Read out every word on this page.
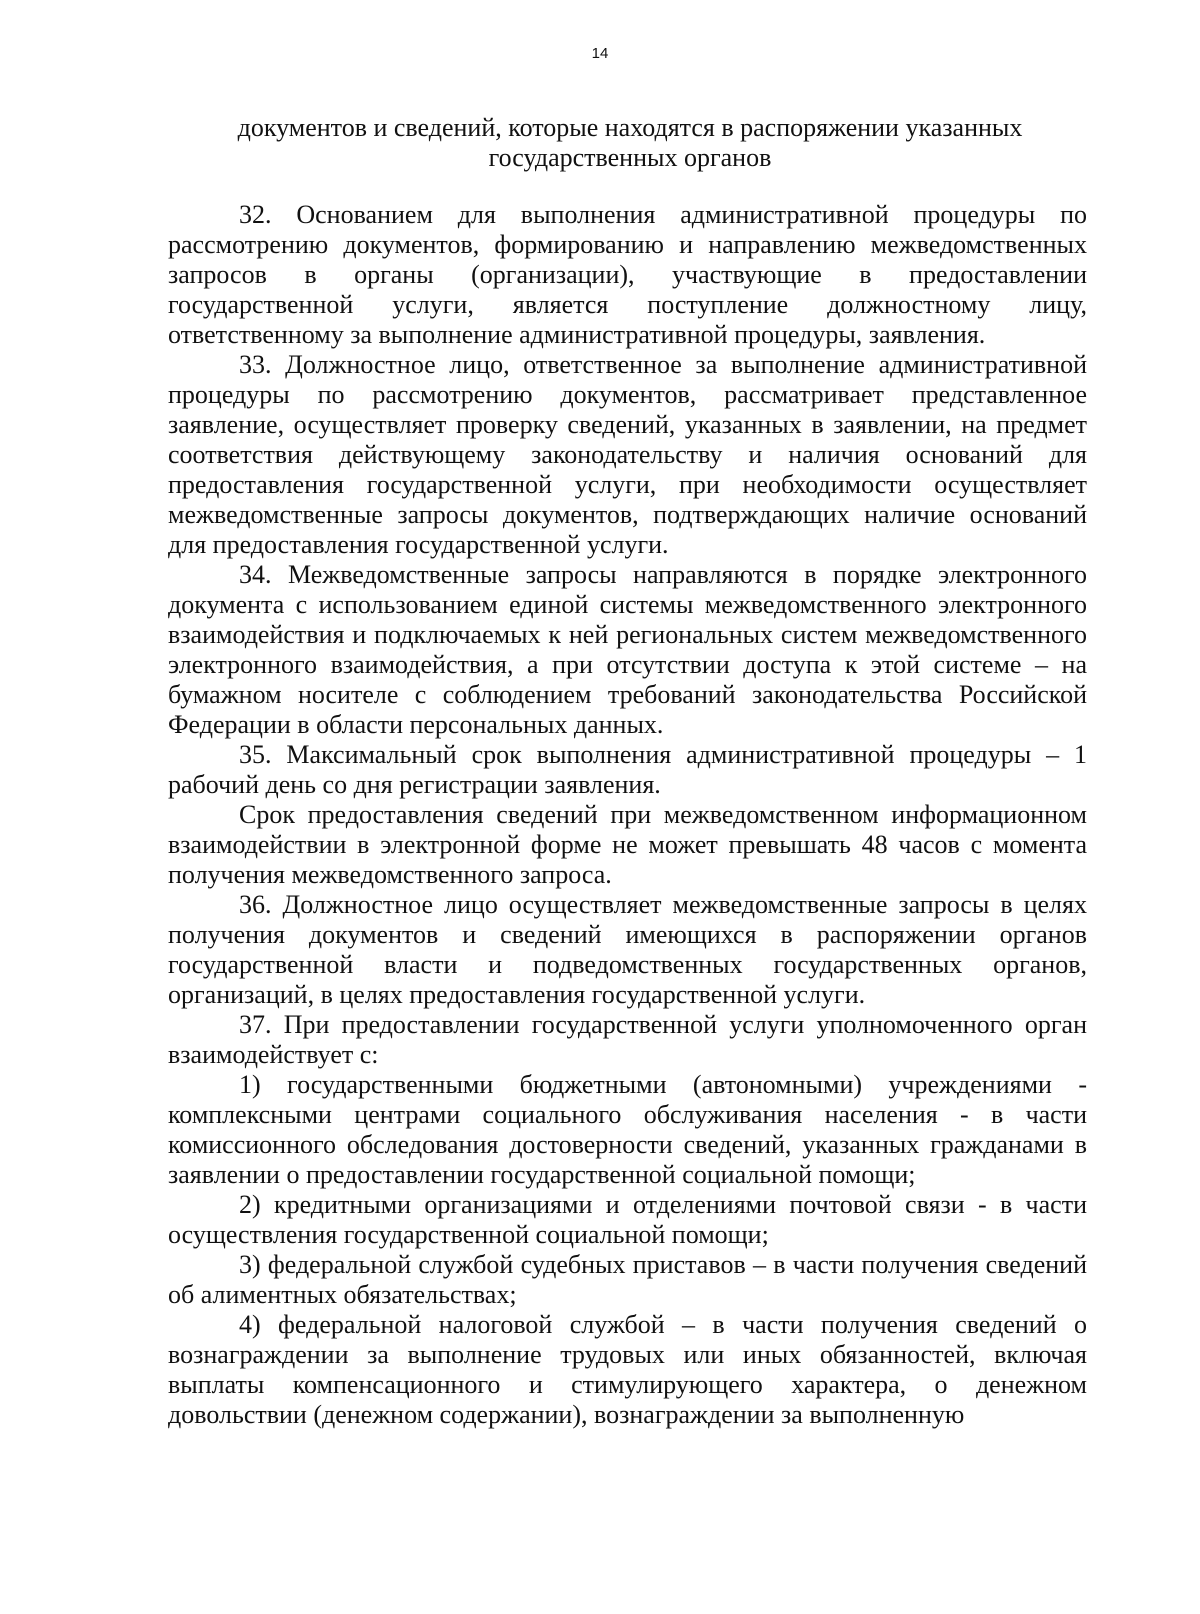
14
документов и сведений, которые находятся в распоряжении указанных
государственных органов

32. Основанием для выполнения административной процедуры по рассмотрению документов, формированию и направлению межведомственных запросов в органы (организации), участвующие в предоставлении государственной услуги, является поступление должностному лицу, ответственному за выполнение административной процедуры, заявления.

33. Должностное лицо, ответственное за выполнение административной процедуры по рассмотрению документов, рассматривает представленное заявление, осуществляет проверку сведений, указанных в заявлении, на предмет соответствия действующему законодательству и наличия оснований для предоставления государственной услуги, при необходимости осуществляет межведомственные запросы документов, подтверждающих наличие оснований для предоставления государственной услуги.

34. Межведомственные запросы направляются в порядке электронного документа с использованием единой системы межведомственного электронного взаимодействия и подключаемых к ней региональных систем межведомственного электронного взаимодействия, а при отсутствии доступа к этой системе – на бумажном носителе с соблюдением требований законодательства Российской Федерации в области персональных данных.

35. Максимальный срок выполнения административной процедуры – 1 рабочий день со дня регистрации заявления.

Срок предоставления сведений при межведомственном информационном взаимодействии в электронной форме не может превышать 48 часов с момента получения межведомственного запроса.

36. Должностное лицо осуществляет межведомственные запросы в целях получения документов и сведений имеющихся в распоряжении органов государственной власти и подведомственных государственных органов, организаций, в целях предоставления государственной услуги.

37. При предоставлении государственной услуги уполномоченного орган взаимодействует с:

1) государственными бюджетными (автономными) учреждениями - комплексными центрами социального обслуживания населения - в части комиссионного обследования достоверности сведений, указанных гражданами в заявлении о предоставлении государственной социальной помощи;

2) кредитными организациями и отделениями почтовой связи - в части осуществления государственной социальной помощи;

3) федеральной службой судебных приставов – в части получения сведений об алиментных обязательствах;

4) федеральной налоговой службой – в части получения сведений о вознаграждении за выполнение трудовых или иных обязанностей, включая выплаты компенсационного и стимулирующего характера, о денежном довольствии (денежном содержании), вознаграждении за выполненную
